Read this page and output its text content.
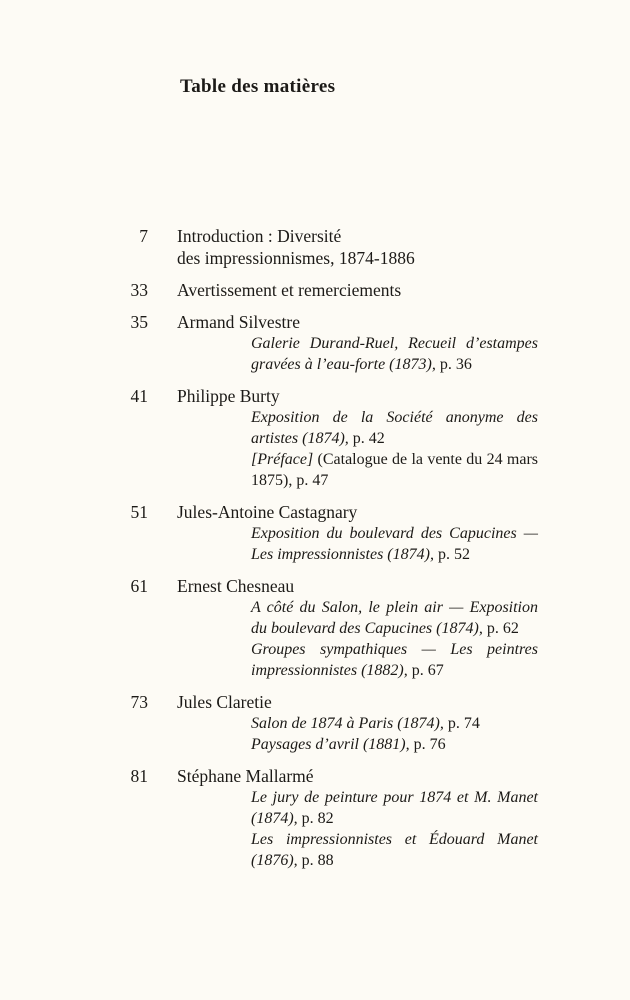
Table des matières
7 Introduction : Diversité
des impressionnismes, 1874-1886
33 Avertissement et remerciements
35 Armand Silvestre
Galerie Durand-Ruel, Recueil d’estampes gravées à l’eau-forte (1873), p. 36
41 Philippe Burty
Exposition de la Société anonyme des artistes (1874), p. 42
[Préface] (Catalogue de la vente du 24 mars 1875), p. 47
51 Jules-Antoine Castagnary
Exposition du boulevard des Capucines — Les impressionnistes (1874), p. 52
61 Ernest Chesneau
A côté du Salon, le plein air — Exposition du boulevard des Capucines (1874), p. 62
Groupes sympathiques — Les peintres impressionnistes (1882), p. 67
73 Jules Claretie
Salon de 1874 à Paris (1874), p. 74
Paysages d’avril (1881), p. 76
81 Stéphane Mallarmé
Le jury de peinture pour 1874 et M. Manet (1874), p. 82
Les impressionnistes et Édouard Manet (1876), p. 88
